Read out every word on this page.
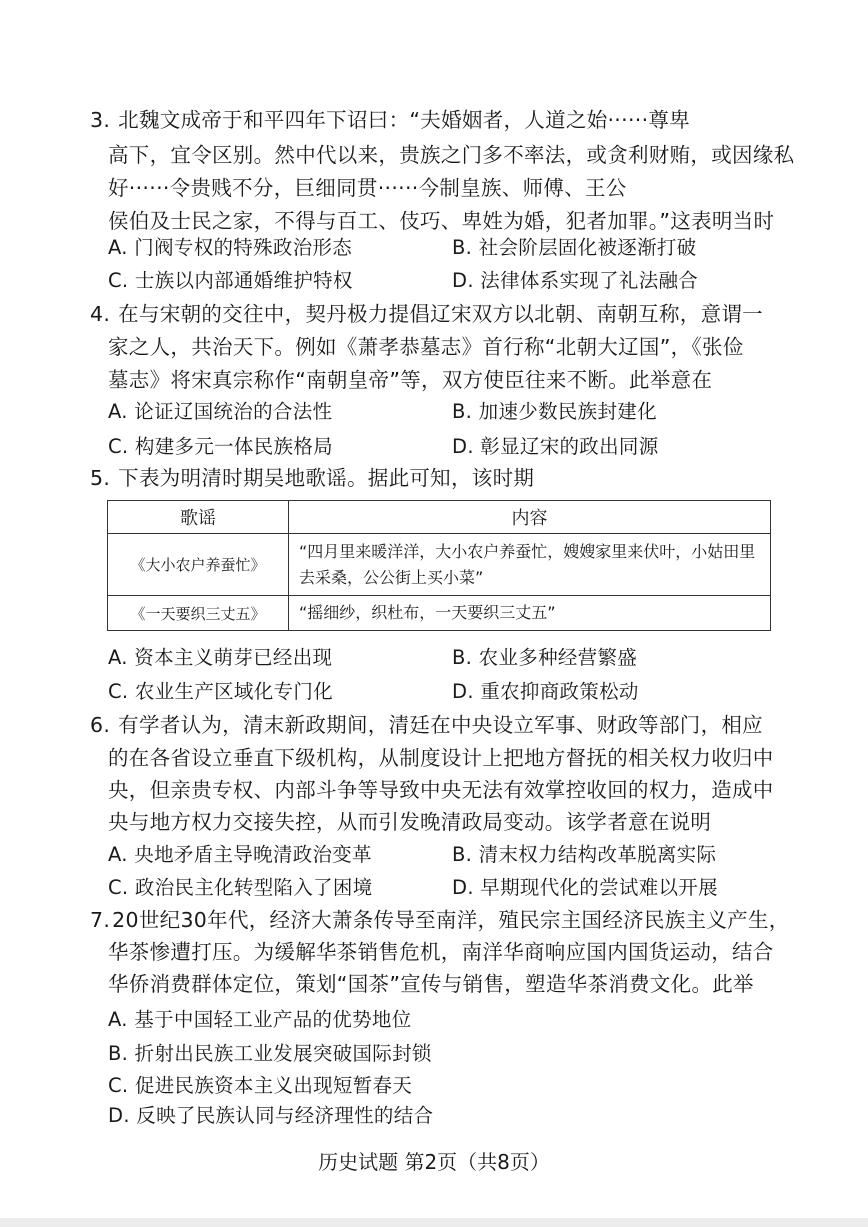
3. 北魏文成帝于和平四年下诏曰：“夫婚姻者，人道之始······尊卑
高下，宜令区别。然中代以来，贵族之门多不率法，或贪利财贿，或因缘私
好······令贵贱不分，巨细同贯······今制皇族、师傅、王公
侯伯及士民之家，不得与百工、伎巧、卑姓为婚，犯者加罪。”这表明当时
A. 门阀专权的特殊政治形态	B. 社会阶层固化被逐渐打破
C. 士族以内部通婚维护特权	D. 法律体系实现了礼法融合
4. 在与宋朝的交往中，契丹极力提倡辽宋双方以北朝、南朝互称，意谓一
家之人，共治天下。例如《萧孝恭墓志》首行称“北朝大辽国”，《张俭
墓志》将宋真宗称作“南朝皇帝”等，双方使臣往来不断。此举意在
A. 论证辽国统治的合法性	B. 加速少数民族封建化
C. 构建多元一体民族格局	D. 彰显辽宋的政出同源
5. 下表为明清时期吴地歌谣。据此可知，该时期
歌谣	内容
《大小农户养蚕忙》	“四月里来暖洋洋，大小农户养蚕忙，嫂嫂家里来伏叶，小姑田里去采桑，公公街上买小菜”
《一天要织三丈五》	“摇细纱，织杜布，一天要织三丈五”
A. 资本主义萌芽已经出现	B. 农业多种经营繁盛
C. 农业生产区域化专门化	D. 重农抑商政策松动
6. 有学者认为，清末新政期间，清廷在中央设立军事、财政等部门，相应
的在各省设立垂直下级机构，从制度设计上把地方督抚的相关权力收归中
央，但亲贵专权、内部斗争等导致中央无法有效掌控收回的权力，造成中
央与地方权力交接失控，从而引发晚清政局变动。该学者意在说明
A. 央地矛盾主导晚清政治变革	B. 清末权力结构改革脱离实际
C. 政治民主化转型陷入了困境	D. 早期现代化的尝试难以开展
7.20世纪30年代，经济大萧条传导至南洋，殖民宗主国经济民族主义产生，
华茶惨遭打压。为缓解华茶销售危机，南洋华商响应国内国货运动，结合
华侨消费群体定位，策划“国茶”宣传与销售，塑造华茶消费文化。此举
A. 基于中国轻工业产品的优势地位
B. 折射出民族工业发展突破国际封锁
C. 促进民族资本主义出现短暂春天
D. 反映了民族认同与经济理性的结合
历史试题 第2页（共8页）
